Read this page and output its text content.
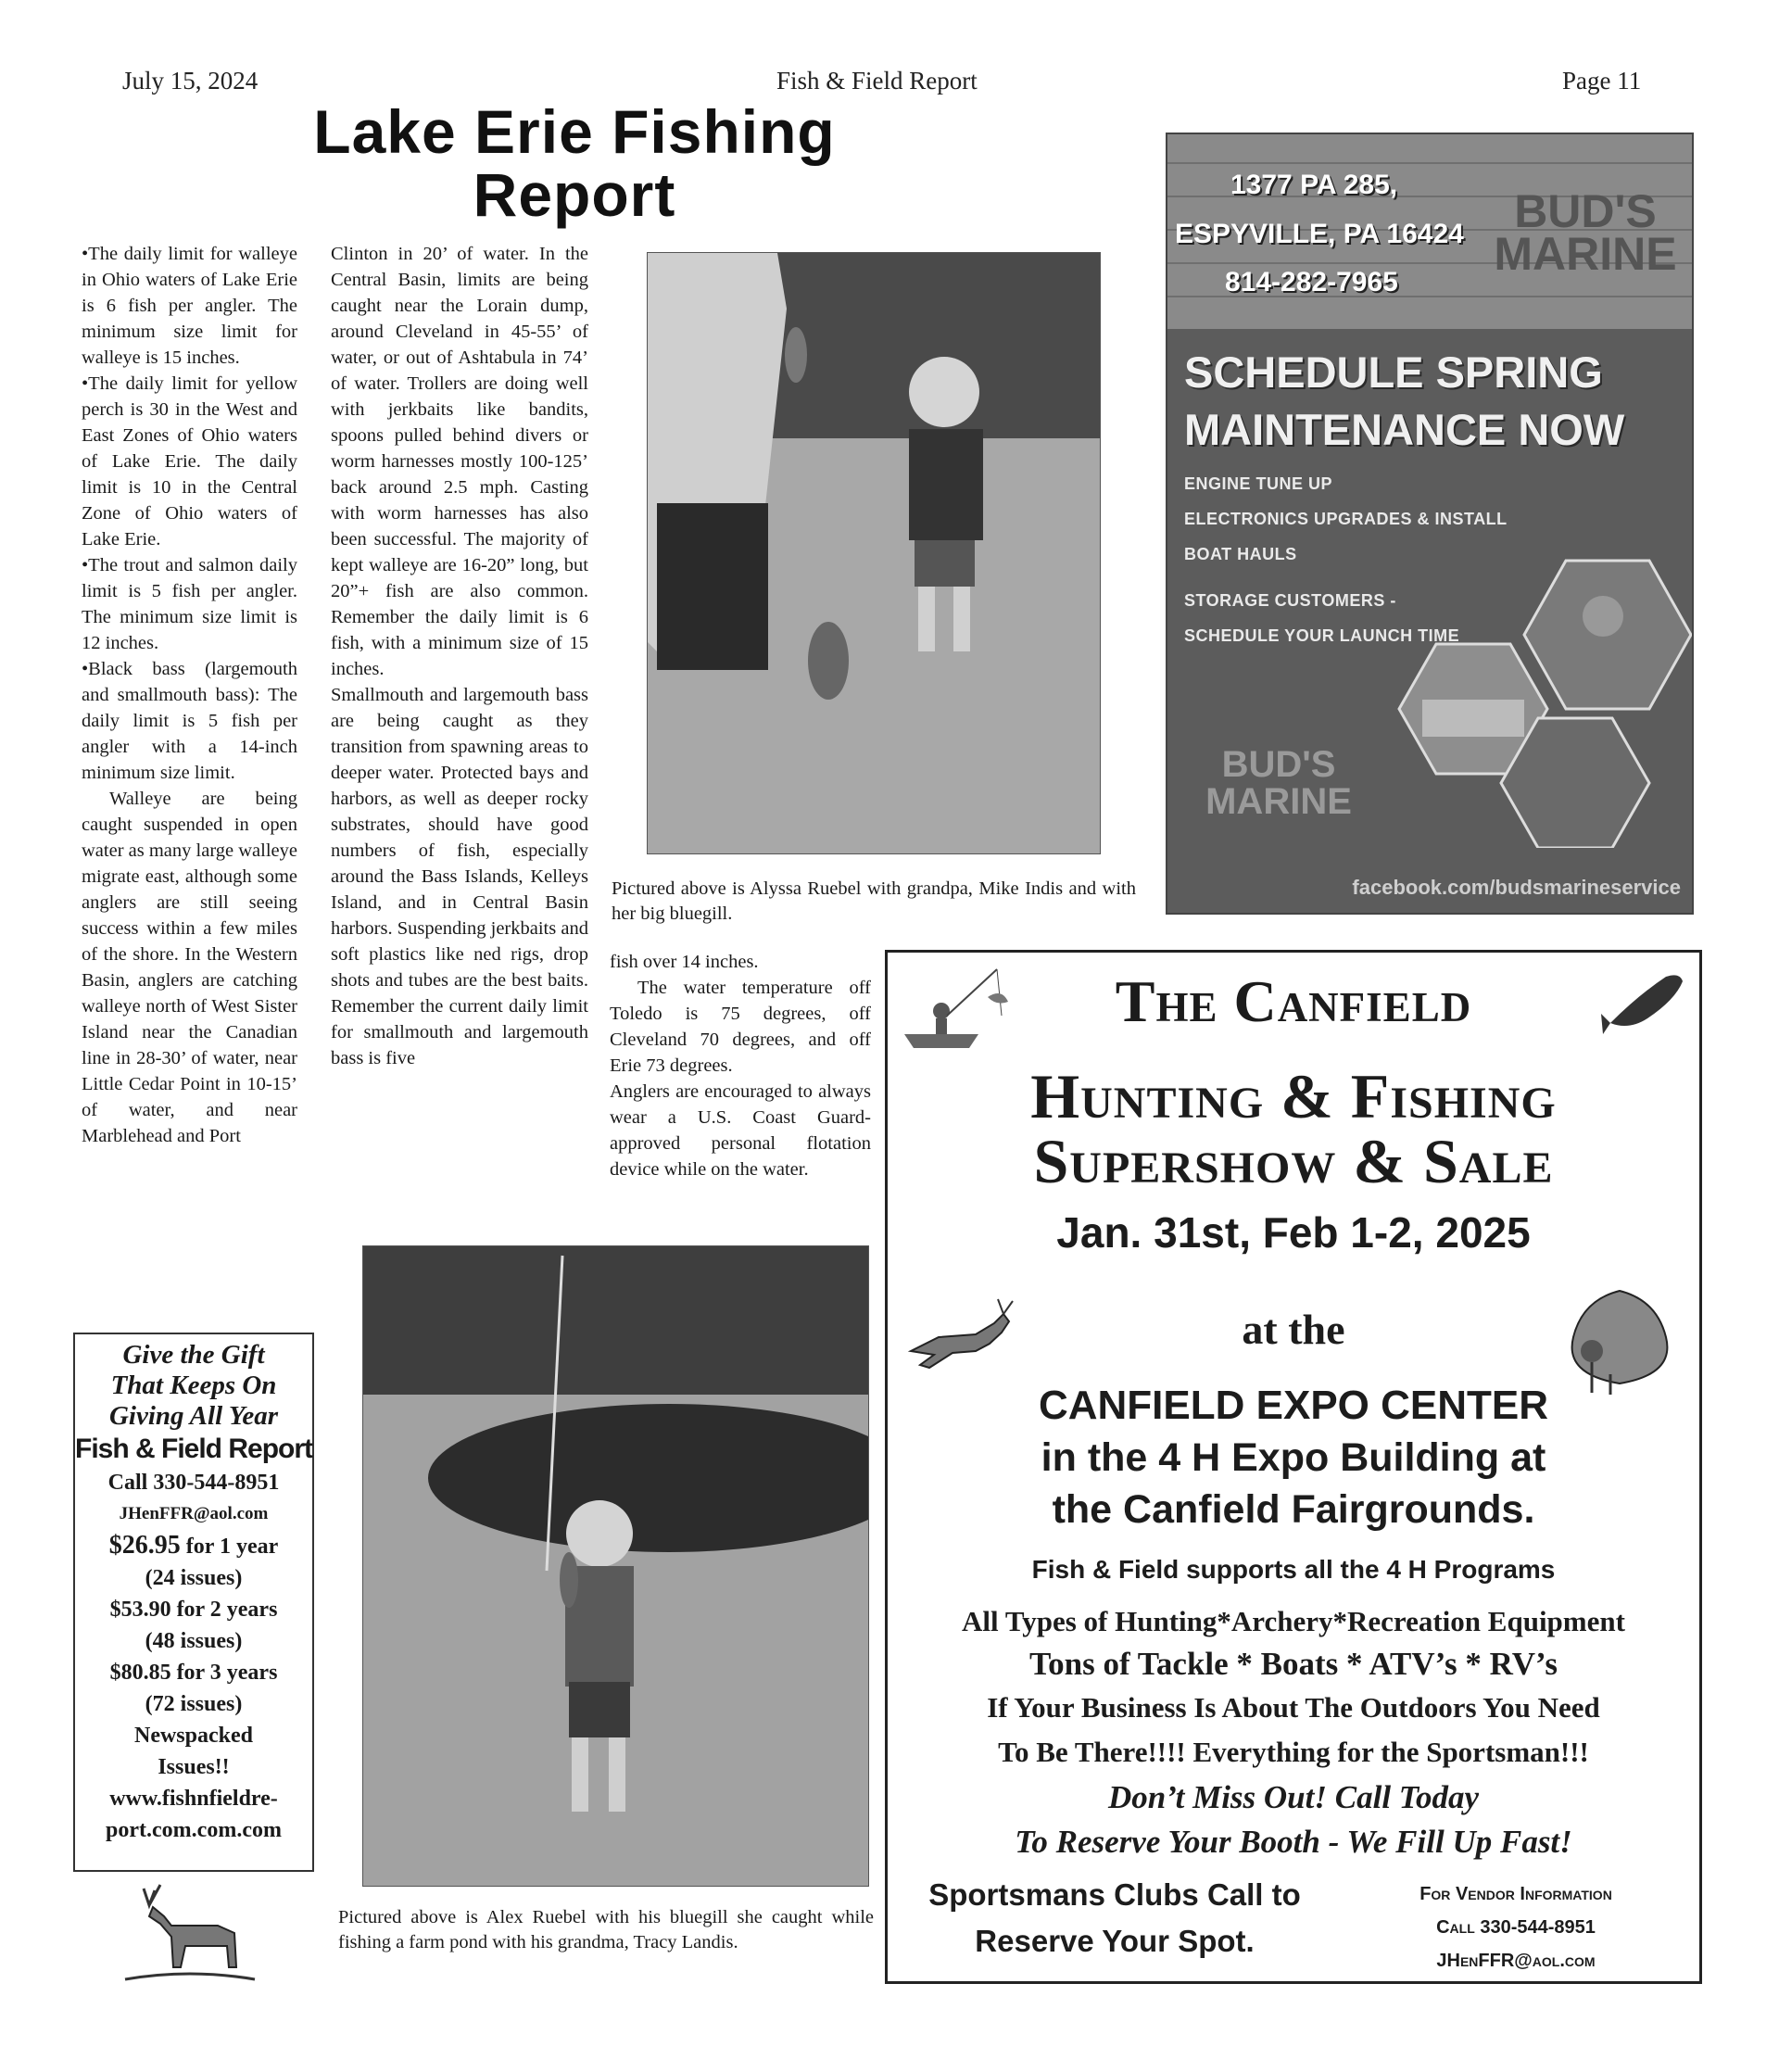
July 15, 2024	Fish & Field Report	Page 11
Lake Erie Fishing
Report

•The daily limit for walleye in Ohio waters of Lake Erie is 6 fish per angler. The minimum size limit for walleye is 15 inches.

•The daily limit for yellow perch is 30 in the West and East Zones of Ohio waters of Lake Erie. The daily limit is 10 in the Central Zone of Ohio waters of Lake Erie.

•The trout and salmon daily limit is 5 fish per angler. The minimum size limit is 12 inches.

•Black bass (largemouth and smallmouth bass): The daily limit is 5 fish per angler with a 14-inch minimum size limit.

Walleye are being caught suspended in open water as many large walleye migrate east, although some anglers are still seeing success within a few miles of the shore. In the Western Basin, anglers are catching walleye north of West Sister Island near the Canadian line in 28-30’ of water, near Little Cedar Point in 10-15’ of water, and near Marblehead and Port

Clinton in 20’ of water. In the Central Basin, limits are being caught near the Lorain dump, around Cleveland in 45-55’ of water, or out of Ashtabula in 74’ of water. Trollers are doing well with jerkbaits like bandits, spoons pulled behind divers or worm harnesses mostly 100-125’ back around 2.5 mph. Casting with worm harnesses has also been successful. The majority of kept walleye are 16-20” long, but 20”+ fish are also common. Remember the daily limit is 6 fish, with a minimum size of 15 inches.

Smallmouth and largemouth bass are being caught as they transition from spawning areas to deeper water. Protected bays and harbors, as well as deeper rocky substrates, should have good numbers of fish, especially around the Bass Islands, Kelleys Island, and in Central Basin harbors. Suspending jerkbaits and soft plastics like ned rigs, drop shots and tubes are the best baits. Remember the current daily limit for smallmouth and largemouth bass is five

Pictured above is Alyssa Ruebel with grandpa, Mike Indis and with her big bluegill.

fish over 14 inches.

The water temperature off Toledo is 75 degrees, off Cleveland 70 degrees, and off Erie 73 degrees.

Anglers are encouraged to always wear a U.S. Coast Guard-approved personal flotation device while on the water.

Pictured above is Alex Ruebel with his bluegill she caught while fishing a farm pond with his grandma, Tracy Landis.
Give the Gift
That Keeps On
Giving All Year
Fish & Field Report
Call 330-544-8951
JHenFFR@aol.com
$26.95 for 1 year
(24 issues)
$53.90 for 2 years
(48 issues)
$80.85 for 3 years
(72 issues)
Newspacked
Issues!!
www.fishnfieldre-
port.com.com.com
1377 PA 285,
ESPYVILLE, PA 16424
814-282-7965
BUD'S
MARINE
SCHEDULE SPRING
MAINTENANCE NOW
ENGINE TUNE UP
ELECTRONICS UPGRADES & INSTALL
BOAT HAULS
STORAGE CUSTOMERS -
SCHEDULE YOUR LAUNCH TIME
BUD'S
MARINE
facebook.com/budsmarineservice
The Canfield
Hunting & Fishing
Supershow & Sale
Jan. 31st, Feb 1-2, 2025
at the
CANFIELD EXPO CENTER
in the 4 H Expo Building at
the Canfield Fairgrounds.
Fish & Field supports all the 4 H Programs
All Types of Hunting*Archery*Recreation Equipment
Tons of Tackle * Boats * ATV’s * RV’s
If Your Business Is About The Outdoors You Need
To Be There!!!! Everything for the Sportsman!!!
Don’t Miss Out! Call Today
To Reserve Your Booth - We Fill Up Fast!
Sportsmans Clubs Call to
Reserve Your Spot.
For Vendor Information
Call 330-544-8951
JHenFFR@aol.com
